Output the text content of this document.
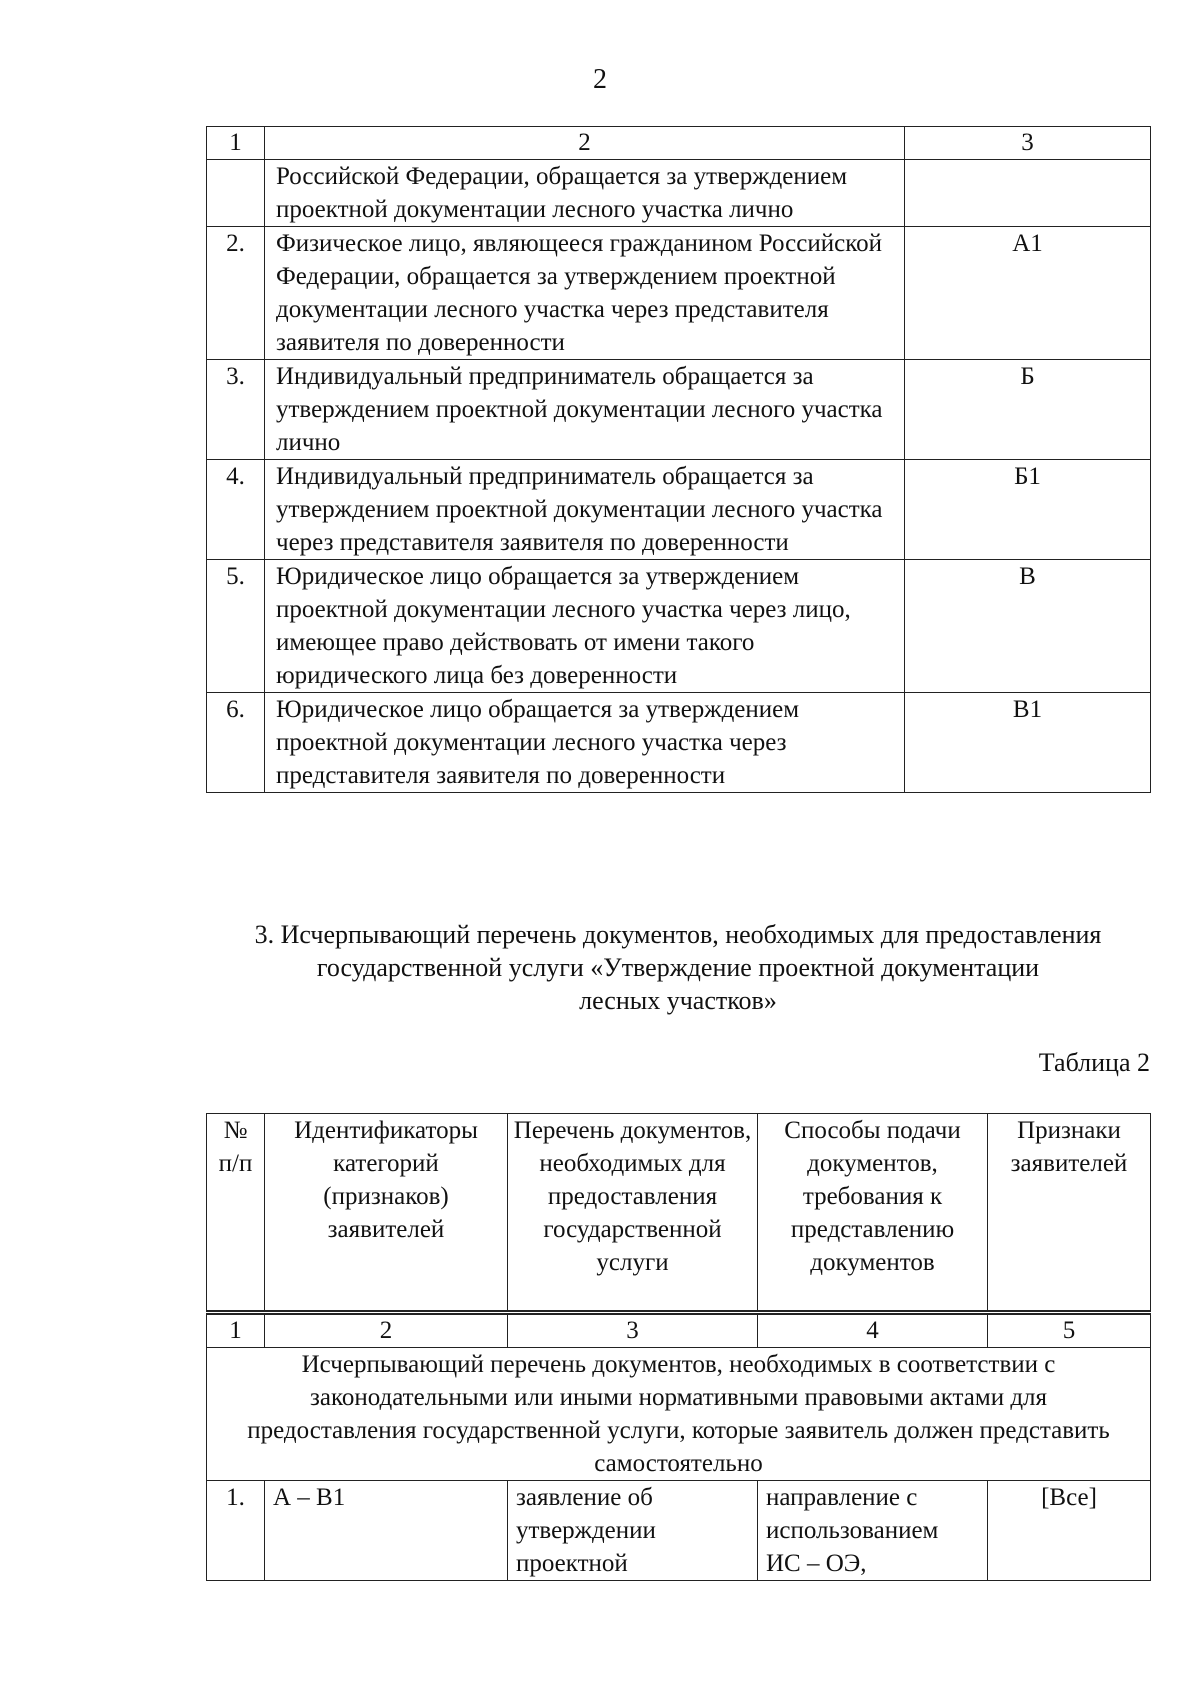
2
1	2	3
	Российской Федерации, обращается за утверждением проектной документации лесного участка лично	
2.	Физическое лицо, являющееся гражданином Российской Федерации, обращается за утверждением проектной документации лесного участка через представителя заявителя по доверенности	А1
3.	Индивидуальный предприниматель обращается за утверждением проектной документации лесного участка лично	Б
4.	Индивидуальный предприниматель обращается за утверждением проектной документации лесного участка через представителя заявителя по доверенности	Б1
5.	Юридическое лицо обращается за утверждением проектной документации лесного участка через лицо, имеющее право действовать от имени такого юридического лица без доверенности	В
6.	Юридическое лицо обращается за утверждением проектной документации лесного участка через представителя заявителя по доверенности	В1
3. Исчерпывающий перечень документов, необходимых для предоставления
государственной услуги «Утверждение проектной документации
лесных участков»
Таблица 2
№ п/п	Идентификаторы категорий (признаков) заявителей	Перечень документов, необходимых для предоставления государственной услуги	Способы подачи документов, требования к представлению документов	Признаки заявителей
1	2	3	4	5
Исчерпывающий перечень документов, необходимых в соответствии с законодательными или иными нормативными правовыми актами для предоставления государственной услуги, которые заявитель должен представить самостоятельно				
1.	А – В1	заявление об утверждении проектной	направление с использованием ИС – ОЭ,	[Все]
